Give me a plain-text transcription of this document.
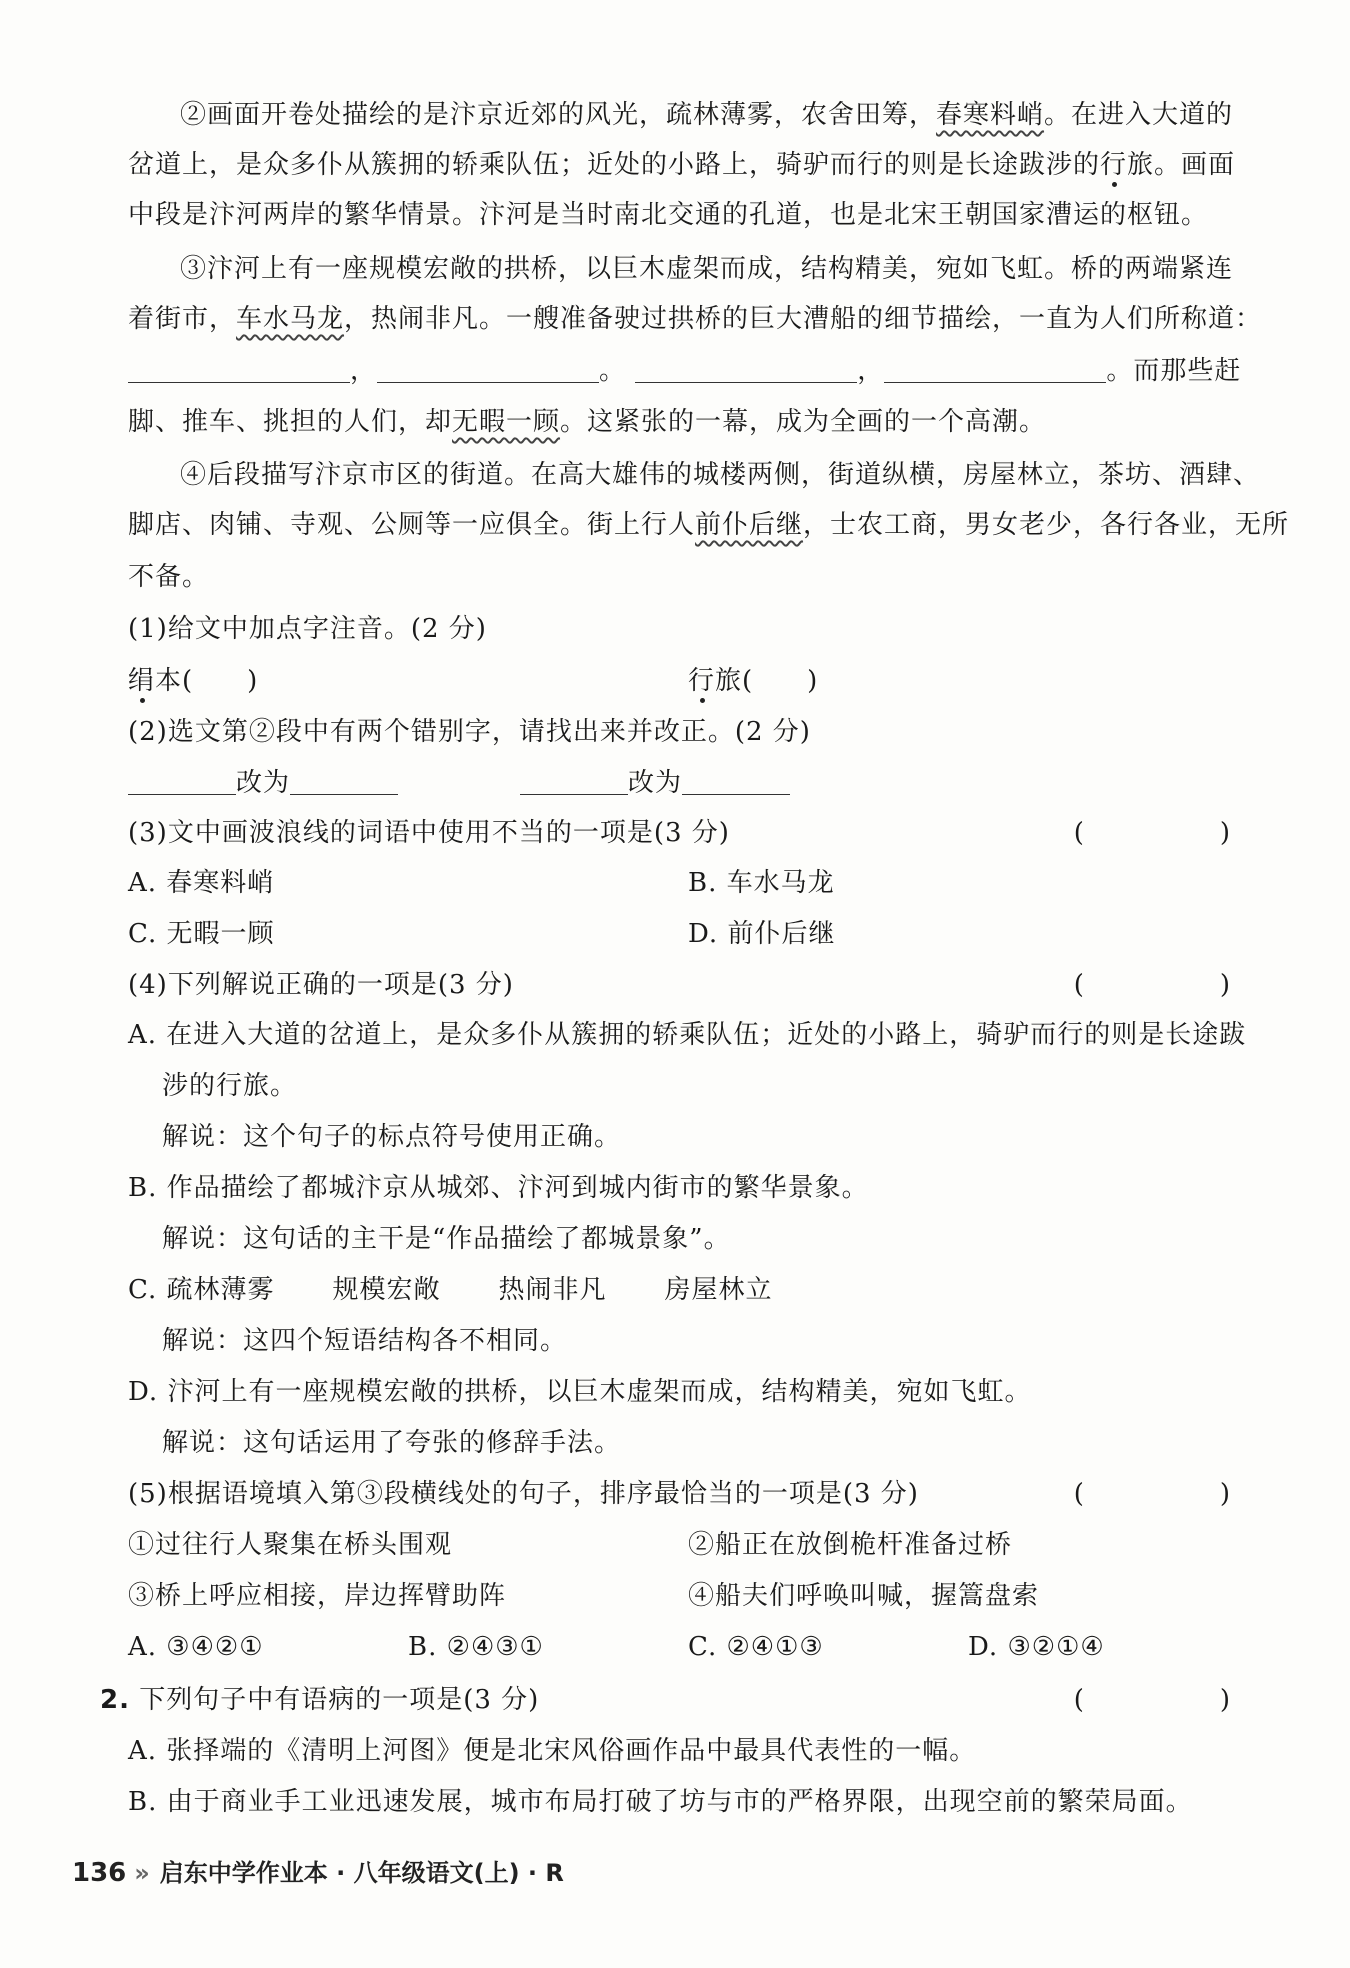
②画面开卷处描绘的是汴京近郊的风光，疏林薄雾，农舍田筹，春寒料峭。在进入大道的
岔道上，是众多仆从簇拥的轿乘队伍；近处的小路上，骑驴而行的则是长途跋涉的行旅。画面
中段是汴河两岸的繁华情景。汴河是当时南北交通的孔道，也是北宋王朝国家漕运的枢钮。
③汴河上有一座规模宏敞的拱桥，以巨木虚架而成，结构精美，宛如飞虹。桥的两端紧连
着街市，车水马龙，热闹非凡。一艘准备驶过拱桥的巨大漕船的细节描绘，一直为人们所称道：
，	。	，	。而那些赶
脚、推车、挑担的人们，却无暇一顾。这紧张的一幕，成为全画的一个高潮。
④后段描写汴京市区的街道。在高大雄伟的城楼两侧，街道纵横，房屋林立，茶坊、酒肆、
脚店、肉铺、寺观、公厕等一应俱全。街上行人前仆后继，士农工商，男女老少，各行各业，无所
不备。
(1)给文中加点字注音。(2 分)
绢本(　　)	行旅(　　)
(2)选文第②段中有两个错别字，请找出来并改正。(2 分)
改为	改为
(3)文中画波浪线的词语中使用不当的一项是(3 分)	(　　)
A. 春寒料峭	B. 车水马龙
C. 无暇一顾	D. 前仆后继
(4)下列解说正确的一项是(3 分)	(　　)
A. 在进入大道的岔道上，是众多仆从簇拥的轿乘队伍；近处的小路上，骑驴而行的则是长途跋
涉的行旅。
解说：这个句子的标点符号使用正确。
B. 作品描绘了都城汴京从城郊、汴河到城内街市的繁华景象。
解说：这句话的主干是“作品描绘了都城景象”。
C. 疏林薄雾 规模宏敞 热闹非凡 房屋林立
解说：这四个短语结构各不相同。
D. 汴河上有一座规模宏敞的拱桥，以巨木虚架而成，结构精美，宛如飞虹。
解说：这句话运用了夸张的修辞手法。
(5)根据语境填入第③段横线处的句子，排序最恰当的一项是(3 分)	(　　)
①过往行人聚集在桥头围观	②船正在放倒桅杆准备过桥
③桥上呼应相接，岸边挥臂助阵	④船夫们呼唤叫喊，握篙盘索
A. ③④②①	B. ②④③①	C. ②④①③	D. ③②①④
2. 下列句子中有语病的一项是(3 分)	(　　)
A. 张择端的《清明上河图》便是北宋风俗画作品中最具代表性的一幅。
B. 由于商业手工业迅速发展，城市布局打破了坊与市的严格界限，出现空前的繁荣局面。
136 » 启东中学作业本 · 八年级语文(上) · R
